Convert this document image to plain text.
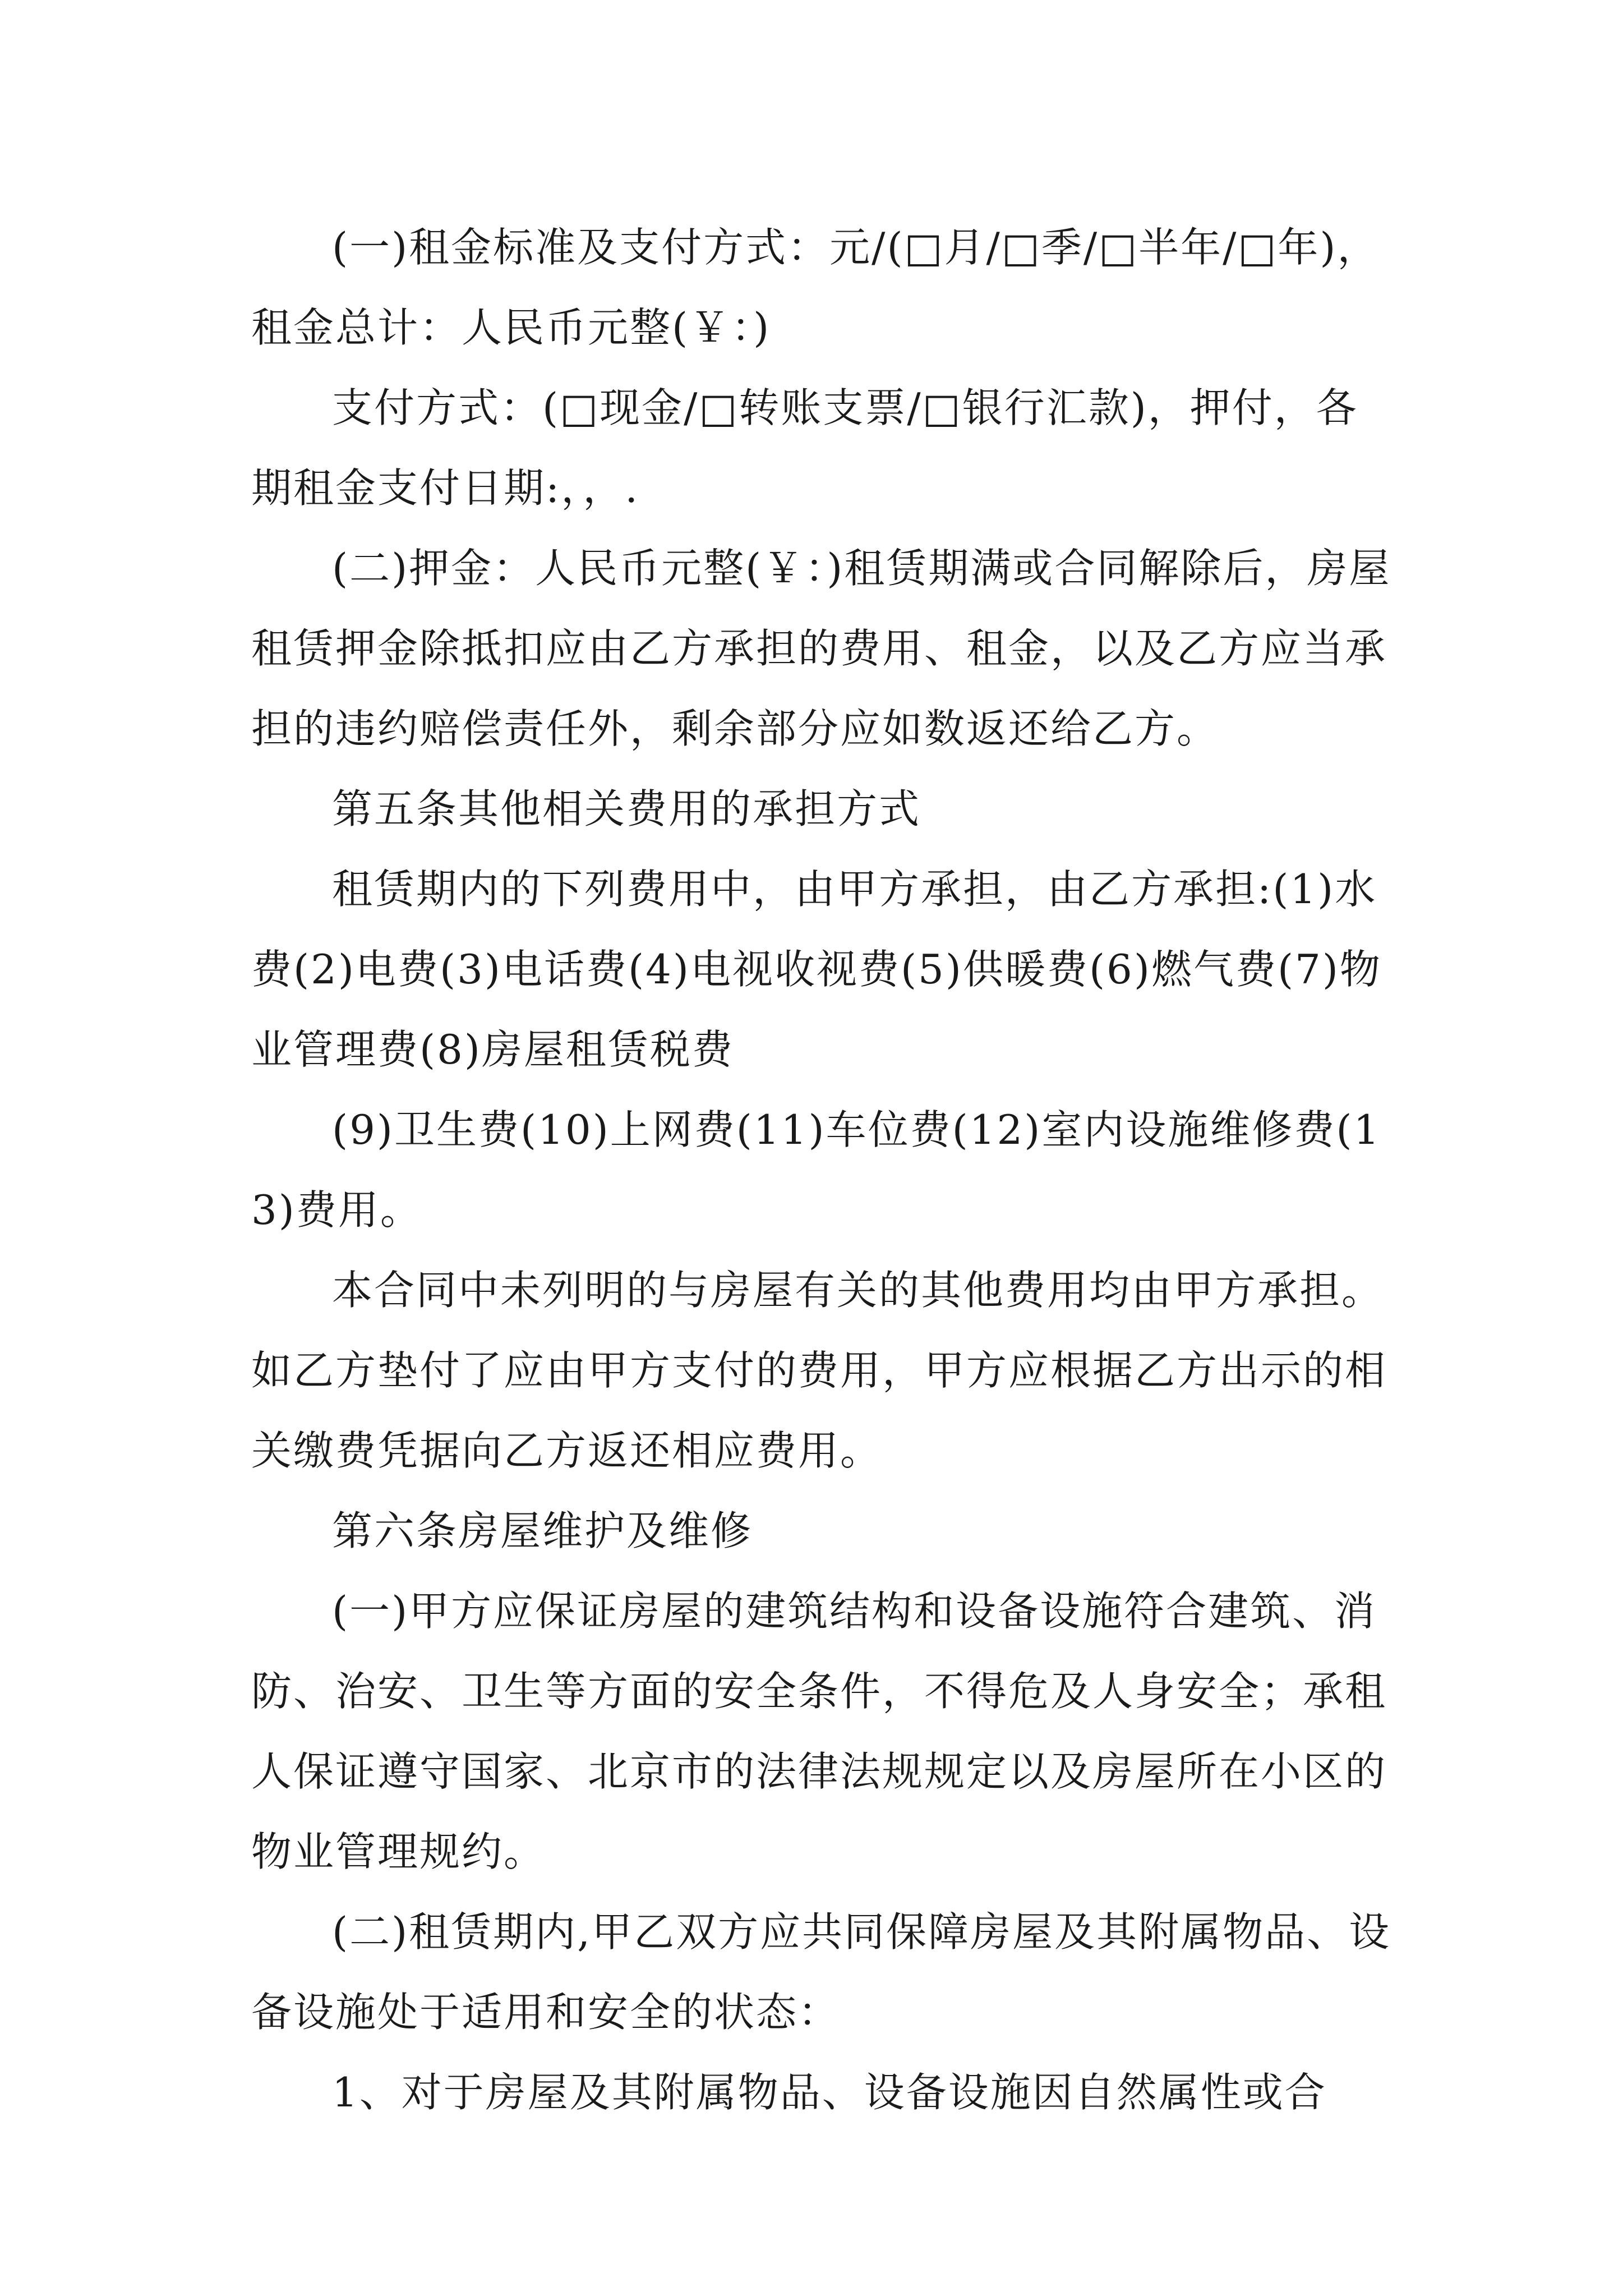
(一)租金标准及支付方式：元/(□月/□季/□半年/□年)，租金总计：人民币元整(￥：)

支付方式：(□现金/□转账支票/□银行汇款)，押付，各期租金支付日期:，，.

(二)押金：人民币元整(￥：)租赁期满或合同解除后，房屋租赁押金除抵扣应由乙方承担的费用、租金，以及乙方应当承担的违约赔偿责任外，剩余部分应如数返还给乙方。

第五条其他相关费用的承担方式

租赁期内的下列费用中，由甲方承担，由乙方承担:(1)水费(2)电费(3)电话费(4)电视收视费(5)供暖费(6)燃气费(7)物业管理费(8)房屋租赁税费

(9)卫生费(10)上网费(11)车位费(12)室内设施维修费(13)费用。

本合同中未列明的与房屋有关的其他费用均由甲方承担。如乙方垫付了应由甲方支付的费用，甲方应根据乙方出示的相关缴费凭据向乙方返还相应费用。

第六条房屋维护及维修

(一)甲方应保证房屋的建筑结构和设备设施符合建筑、消防、治安、卫生等方面的安全条件，不得危及人身安全；承租人保证遵守国家、北京市的法律法规规定以及房屋所在小区的物业管理规约。

(二)租赁期内,甲乙双方应共同保障房屋及其附属物品、设备设施处于适用和安全的状态：

1、对于房屋及其附属物品、设备设施因自然属性或合
